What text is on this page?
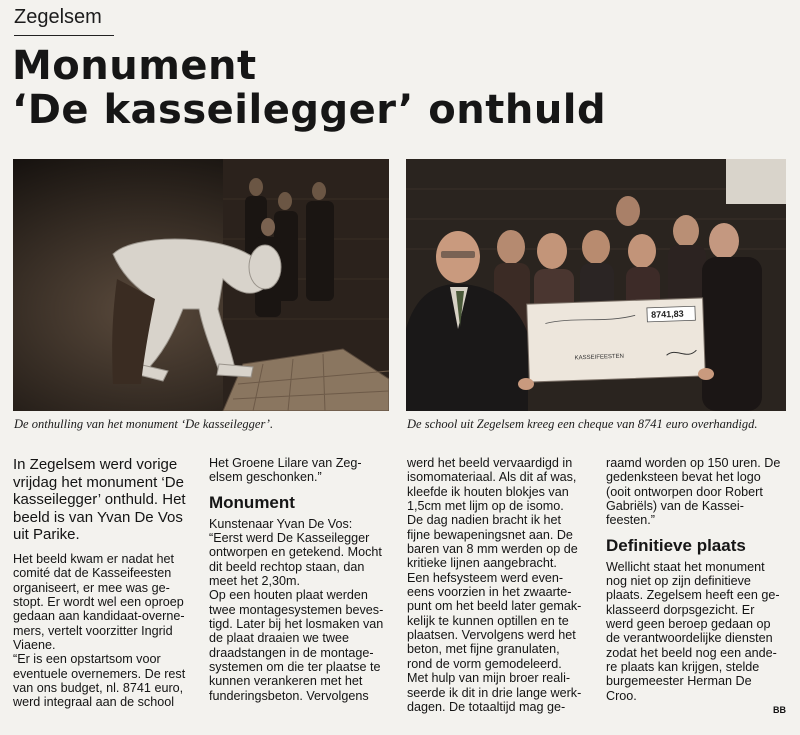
Zegelsem
Monument
‘De kasseilegger’ onthuld
8741,83
KASSEIFEESTEN
De onthulling van het monument ‘De kasseilegger’.	De school uit Zegelsem kreeg een cheque van 8741 euro overhandigd.

In Zegelsem werd vorige
vrijdag het monument ‘De
kasseilegger’ onthuld. Het
beeld is van Yvan De Vos
uit Parike.

Het beeld kwam er nadat het
comité dat de Kasseifeesten
organiseert, er mee was ge-
stopt. Er wordt wel een oproep
gedaan aan kandidaat-overne-
mers, vertelt voorzitter Ingrid
Viaene.
“Er is een opstartsom voor
eventuele overnemers. De rest
van ons budget, nl. 8741 euro,
werd integraal aan de school

Het Groene Lilare van Zeg-
elsem geschonken.”

Monument

Kunstenaar Yvan De Vos:
“Eerst werd De Kasseilegger
ontworpen en getekend. Mocht
dit beeld rechtop staan, dan
meet het 2,30m.
Op een houten plaat werden
twee montagesystemen beves-
tigd. Later bij het losmaken van
de plaat draaien we twee
draadstangen in de montage-
systemen om die ter plaatse te
kunnen verankeren met het
funderingsbeton. Vervolgens

werd het beeld vervaardigd in
isomomateriaal. Als dit af was,
kleefde ik houten blokjes van
1,5cm met lijm op de isomo.
De dag nadien bracht ik het
fijne bewapeningsnet aan. De
baren van 8 mm werden op de
kritieke lijnen aangebracht.
Een hefsysteem werd even-
eens voorzien in het zwaarte-
punt om het beeld later gemak-
kelijk te kunnen optillen en te
plaatsen. Vervolgens werd het
beton, met fijne granulaten,
rond de vorm gemodeleerd.
Met hulp van mijn broer reali-
seerde ik dit in drie lange werk-
dagen. De totaaltijd mag ge-

raamd worden op 150 uren. De
gedenksteen bevat het logo
(ooit ontworpen door Robert
Gabriëls) van de Kassei-
feesten.”

Definitieve plaats

Wellicht staat het monument
nog niet op zijn definitieve
plaats. Zegelsem heeft een ge-
klasseerd dorpsgezicht. Er
werd geen beroep gedaan op
de verantwoordelijke diensten
zodat het beeld nog een ande-
re plaats kan krijgen, stelde
burgemeester Herman De
Croo.

BB
